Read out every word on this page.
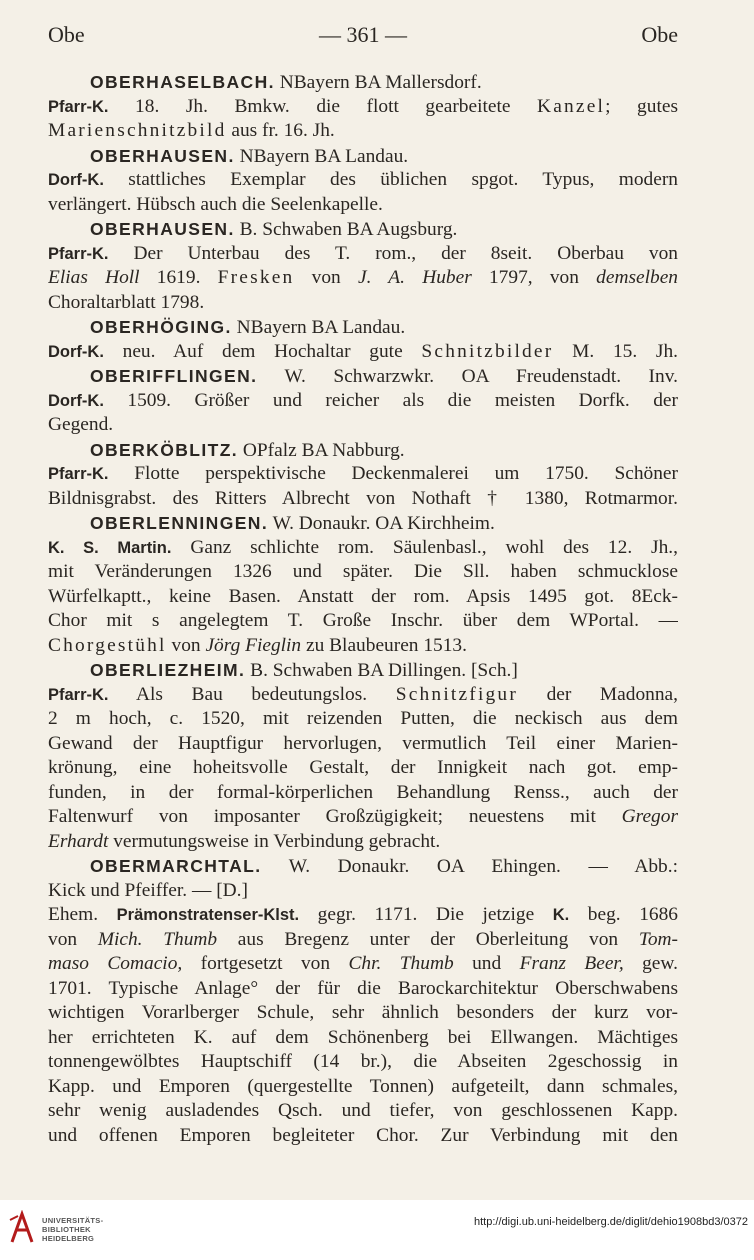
Obe	— 361 —	Obe
OBERHASELBACH. NBayern BA Mallersdorf.
Pfarr-K. 18. Jh. Bmkw. die flott gearbeitete Kanzel; gutes
Marienschnitzbild aus fr. 16. Jh.
OBERHAUSEN. NBayern BA Landau.
Dorf-K. stattliches Exemplar des üblichen spgot. Typus, modern
verlängert. Hübsch auch die Seelenkapelle.
OBERHAUSEN. B. Schwaben BA Augsburg.
Pfarr-K. Der Unterbau des T. rom., der 8seit. Oberbau von
Elias Holl 1619. Fresken von J. A. Huber 1797, von demselben
Choraltarblatt 1798.
OBERHÖGING. NBayern BA Landau.
Dorf-K. neu. Auf dem Hochaltar gute Schnitzbilder M. 15. Jh.
OBERIFFLINGEN. W. Schwarzwkr. OA Freudenstadt. Inv.
Dorf-K. 1509. Größer und reicher als die meisten Dorfk. der
Gegend.
OBERKÖBLITZ. OPfalz BA Nabburg.
Pfarr-K. Flotte perspektivische Deckenmalerei um 1750. Schöner
Bildnisgrabst. des Ritters Albrecht von Nothaft † 1380, Rotmarmor.
OBERLENNINGEN. W. Donaukr. OA Kirchheim.
K. S. Martin. Ganz schlichte rom. Säulenbasl., wohl des 12. Jh.,
mit Veränderungen 1326 und später. Die Sll. haben schmucklose
Würfelkaptt., keine Basen. Anstatt der rom. Apsis 1495 got. 8Eck-
Chor mit s angelegtem T. Große Inschr. über dem WPortal. —
Chorgestühl von Jörg Fieglin zu Blaubeuren 1513.
OBERLIEZHEIM. B. Schwaben BA Dillingen. [Sch.]
Pfarr-K. Als Bau bedeutungslos. Schnitzfigur der Madonna,
2 m hoch, c. 1520, mit reizenden Putten, die neckisch aus dem
Gewand der Hauptfigur hervorlugen, vermutlich Teil einer Marien-
krönung, eine hoheitsvolle Gestalt, der Innigkeit nach got. emp-
funden, in der formal-körperlichen Behandlung Renss., auch der
Faltenwurf von imposanter Großzügigkeit; neuestens mit Gregor
Erhardt vermutungsweise in Verbindung gebracht.
OBERMARCHTAL. W. Donaukr. OA Ehingen. — Abb.:
Kick und Pfeiffer. — [D.]
Ehem. Prämonstratenser-Klst. gegr. 1171. Die jetzige K. beg. 1686
von Mich. Thumb aus Bregenz unter der Oberleitung von Tom-
maso Comacio, fortgesetzt von Chr. Thumb und Franz Beer, gew.
1701. Typische Anlage° der für die Barockarchitektur Oberschwabens
wichtigen Vorarlberger Schule, sehr ähnlich besonders der kurz vor-
her errichteten K. auf dem Schönenberg bei Ellwangen. Mächtiges
tonnengewölbtes Hauptschiff (14 br.), die Abseiten 2geschossig in
Kapp. und Emporen (quergestellte Tonnen) aufgeteilt, dann schmales,
sehr wenig ausladendes Qsch. und tiefer, von geschlossenen Kapp.
und offenen Emporen begleiteter Chor. Zur Verbindung mit den
UNIVERSITÄTS-
BIBLIOTHEK
HEIDELBERG
http://digi.ub.uni-heidelberg.de/diglit/dehio1908bd3/0372
